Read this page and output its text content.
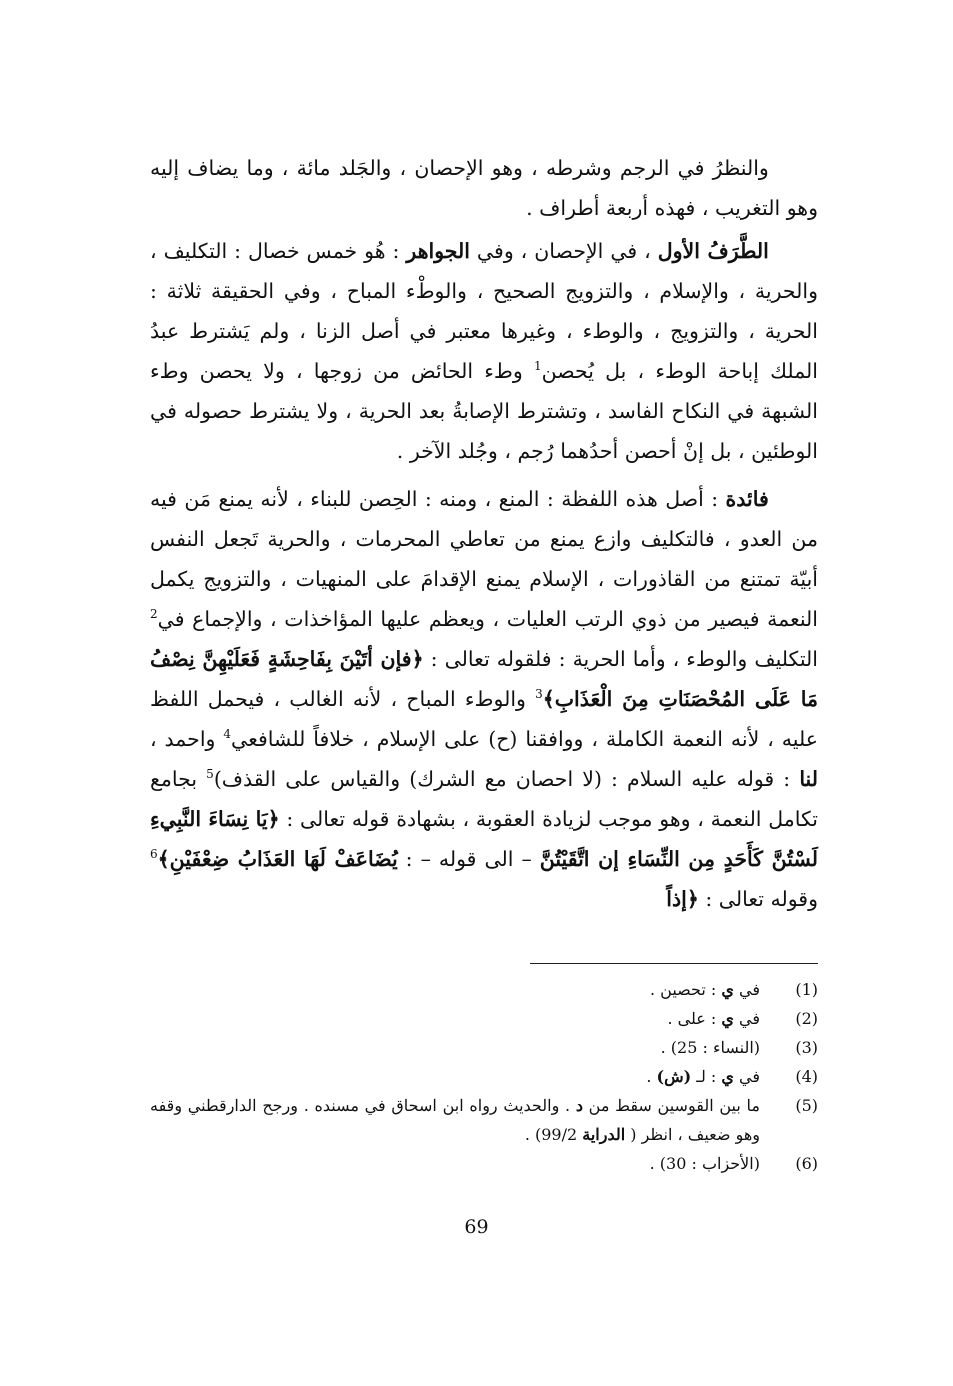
والنظرُ في الرجم وشرطه ، وهو الإحصان ، والجَلد مائة ، وما يضاف إليه وهو التغريب ، فهذه أربعة أطراف .

الطَّرَفُ الأول ، في الإحصان ، وفي الجواهر : هُو خمس خصال : التكليف ، والحرية ، والإسلام ، والتزويج الصحيح ، والوطْء المباح ، وفي الحقيقة ثلاثة : الحرية ، والتزويج ، والوطء ، وغيرها معتبر في أصل الزنا ، ولم يَشترط عبدُ الملك إباحة الوطء ، بل يُحصن$^1$ وطء الحائض من زوجها ، ولا يحصن وطء الشبهة في النكاح الفاسد ، وتشترط الإصابةُ بعد الحرية ، ولا يشترط حصوله في الوطئين ، بل إنْ أحصن أحدُهما رُجم ، وجُلد الآخر .

فائدة : أصل هذه اللفظة : المنع ، ومنه : الحِصن للبناء ، لأنه يمنع مَن فيه من العدو ، فالتكليف وازع يمنع من تعاطي المحرمات ، والحرية تَجعل النفس أبيّة تمتنع من القاذورات ، الإسلام يمنع الإقدامَ على المنهيات ، والتزويج يكمل النعمة فيصير من ذوي الرتب العليات ، ويعظم عليها المؤاخذات ، والإجماع في$^2$ التكليف والوطء ، وأما الحرية : فلقوله تعالى : ﴿فإن أتَيْنَ بِفَاحِشَةٍ فَعَلَيْهِنَّ نِصْفُ مَا عَلَى المُحْصَنَاتِ مِنَ الْعَذَابِ﴾$^3$ والوطء المباح ، لأنه الغالب ، فيحمل اللفظ عليه ، لأنه النعمة الكاملة ، ووافقنا (ح) على الإسلام ، خلافاً للشافعي$^4$ واحمد ، لنا : قوله عليه السلام : (لا احصان مع الشرك) والقياس على القذف)$^5$ بجامع تكامل النعمة ، وهو موجب لزيادة العقوبة ، بشهادة قوله تعالى : ﴿يَا نِسَاءَ النَّبِيءِ لَسْتُنَّ كَأَحَدٍ مِن النِّسَاءِ إن اتَّقَيْتُنَّ – الى قوله – : يُضَاعَفْ لَهَا العَذَابُ ضِعْفَيْنِ﴾$^6$ وقوله تعالى : ﴿إذاً

(1)
في ي : تحصين .
(2)
في ي : على .
(3)
(النساء : 25) .
(4)
في ي : لـ (ش) .
(5)
ما بين القوسين سقط من د . والحديث رواه ابن اسحاق في مسنده . ورجح الدارقطني وقفه وهو ضعيف ، انظر ( الدراية 99/2) .
(6)
(الأحزاب : 30) .
69
